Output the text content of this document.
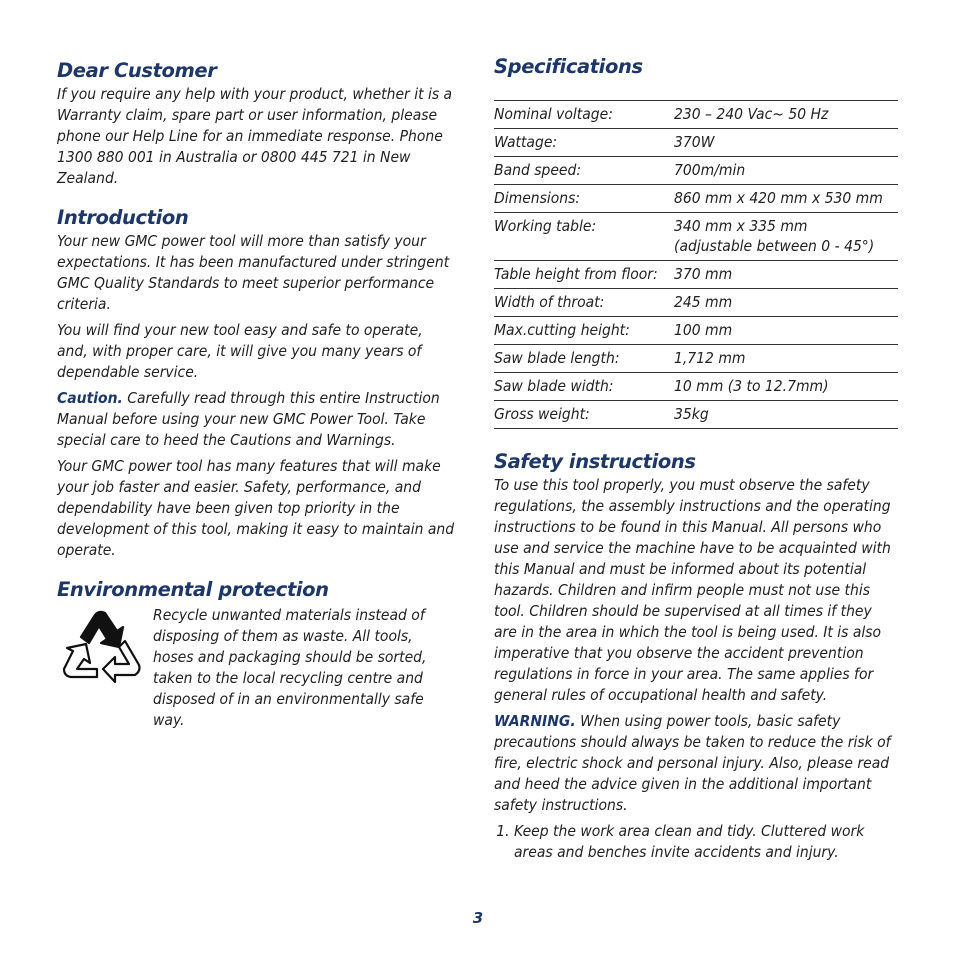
Dear Customer

If you require any help with your product, whether it is a Warranty claim, spare part or user information, please phone our Help Line for an immediate response. Phone 1300 880 001 in Australia or 0800 445 721 in New Zealand.

Introduction

Your new GMC power tool will more than satisfy your expectations. It has been manufactured under stringent GMC Quality Standards to meet superior performance criteria.

You will find your new tool easy and safe to operate, and, with proper care, it will give you many years of dependable service.

Caution. Carefully read through this entire Instruction Manual before using your new GMC Power Tool. Take special care to heed the Cautions and Warnings.

Your GMC power tool has many features that will make your job faster and easier. Safety, performance, and dependability have been given top priority in the development of this tool, making it easy to maintain and operate.

Environmental protection

Recycle unwanted materials instead of disposing of them as waste. All tools, hoses and packaging should be sorted, taken to the local recycling centre and disposed of in an environmentally safe way.

Specifications
Nominal voltage:	230 – 240 Vac~ 50 Hz
Wattage:	370W
Band speed:	700m/min
Dimensions:	860 mm x 420 mm x 530 mm
Working table:	340 mm x 335 mm
(adjustable between 0 - 45°)

Table height from floor:	370 mm
Width of throat:	245 mm
Max.cutting height:	100 mm
Saw blade length:	1,712 mm
Saw blade width:	10 mm (3 to 12.7mm)
Gross weight:	35kg
Safety instructions

To use this tool properly, you must observe the safety regulations, the assembly instructions and the operating instructions to be found in this Manual. All persons who use and service the machine have to be acquainted with this Manual and must be informed about its potential hazards. Children and infirm people must not use this tool. Children should be supervised at all times if they are in the area in which the tool is being used. It is also imperative that you observe the accident prevention regulations in force in your area. The same applies for general rules of occupational health and safety.

WARNING. When using power tools, basic safety precautions should always be taken to reduce the risk of fire, electric shock and personal injury. Also, please read and heed the advice given in the additional important safety instructions.

1. Keep the work area clean and tidy. Cluttered work areas and benches invite accidents and injury.
3
